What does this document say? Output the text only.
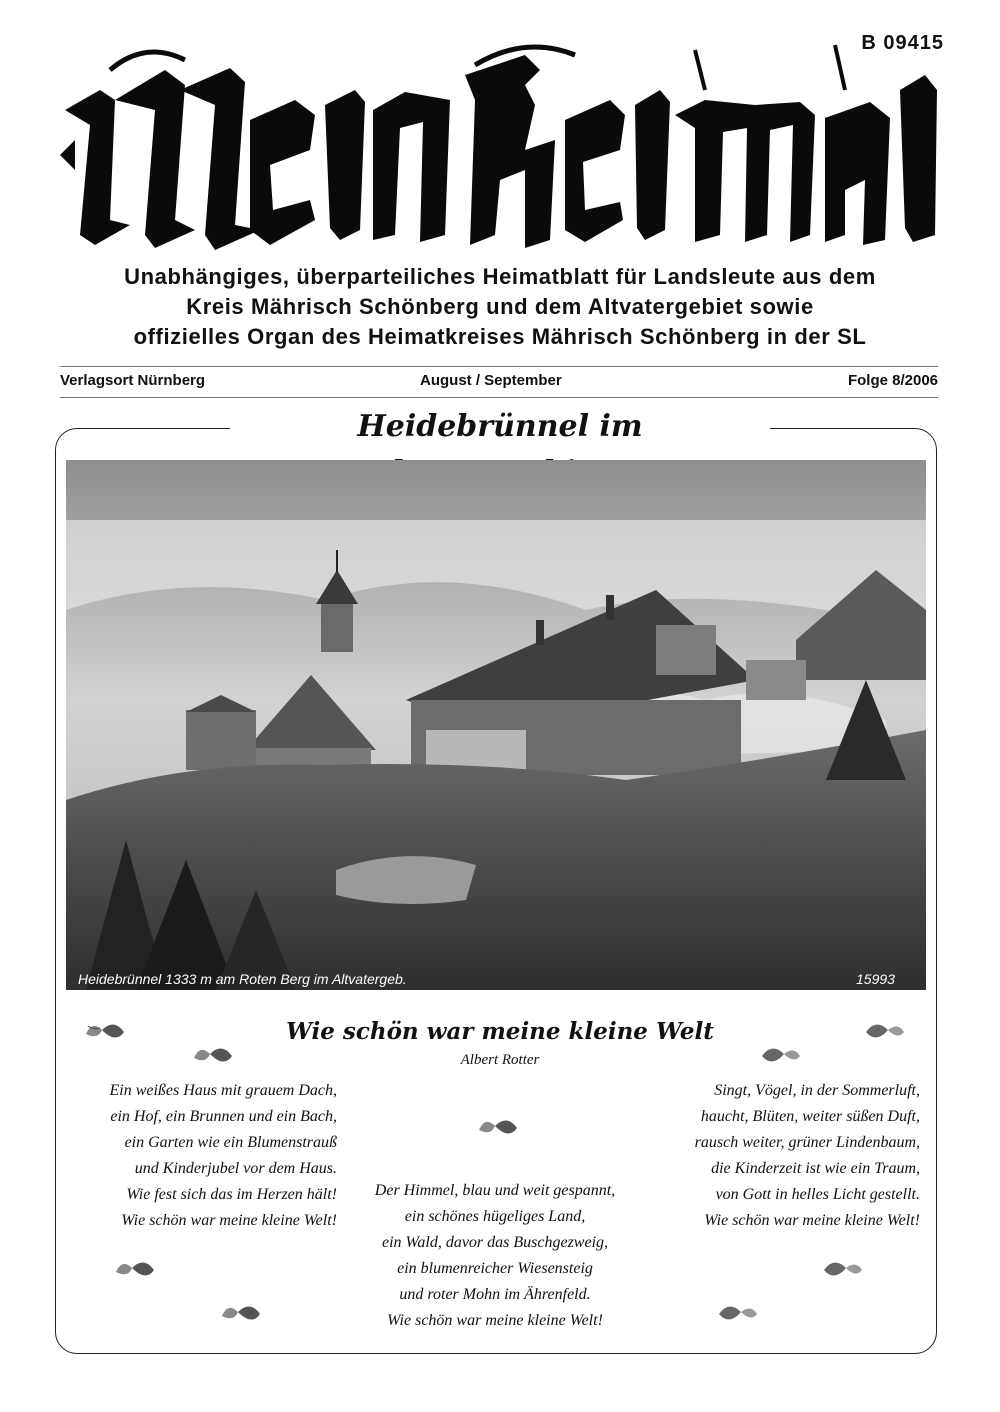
B 09415
Unabhängiges, überparteiliches Heimatblatt für Landsleute aus dem
Kreis Mährisch Schönberg und dem Altvatergebiet sowie
offizielles Organ des Heimatkreises Mährisch Schönberg in der SL
Verlagsort Nürnberg	August / September	Folge 8/2006
Heidebrünnel im
Heidebrünnel 1333 m am Roten Berg im Altvatergeb.	15993
Wie schön war meine kleine Welt
Albert Rotter
Ein weißes Haus mit grauem Dach,
ein Hof, ein Brunnen und ein Bach,
ein Garten wie ein Blumenstrauß
und Kinderjubel vor dem Haus.
Wie fest sich das im Herzen hält!
Wie schön war meine kleine Welt!
Der Himmel, blau und weit gespannt,
ein schönes hügeliges Land,
ein Wald, davor das Buschgezweig,
ein blumenreicher Wiesensteig
und roter Mohn im Ährenfeld.
Wie schön war meine kleine Welt!
Singt, Vögel, in der Sommerluft,
haucht, Blüten, weiter süßen Duft,
rausch weiter, grüner Lindenbaum,
die Kinderzeit ist wie ein Traum,
von Gott in helles Licht gestellt.
Wie schön war meine kleine Welt!
